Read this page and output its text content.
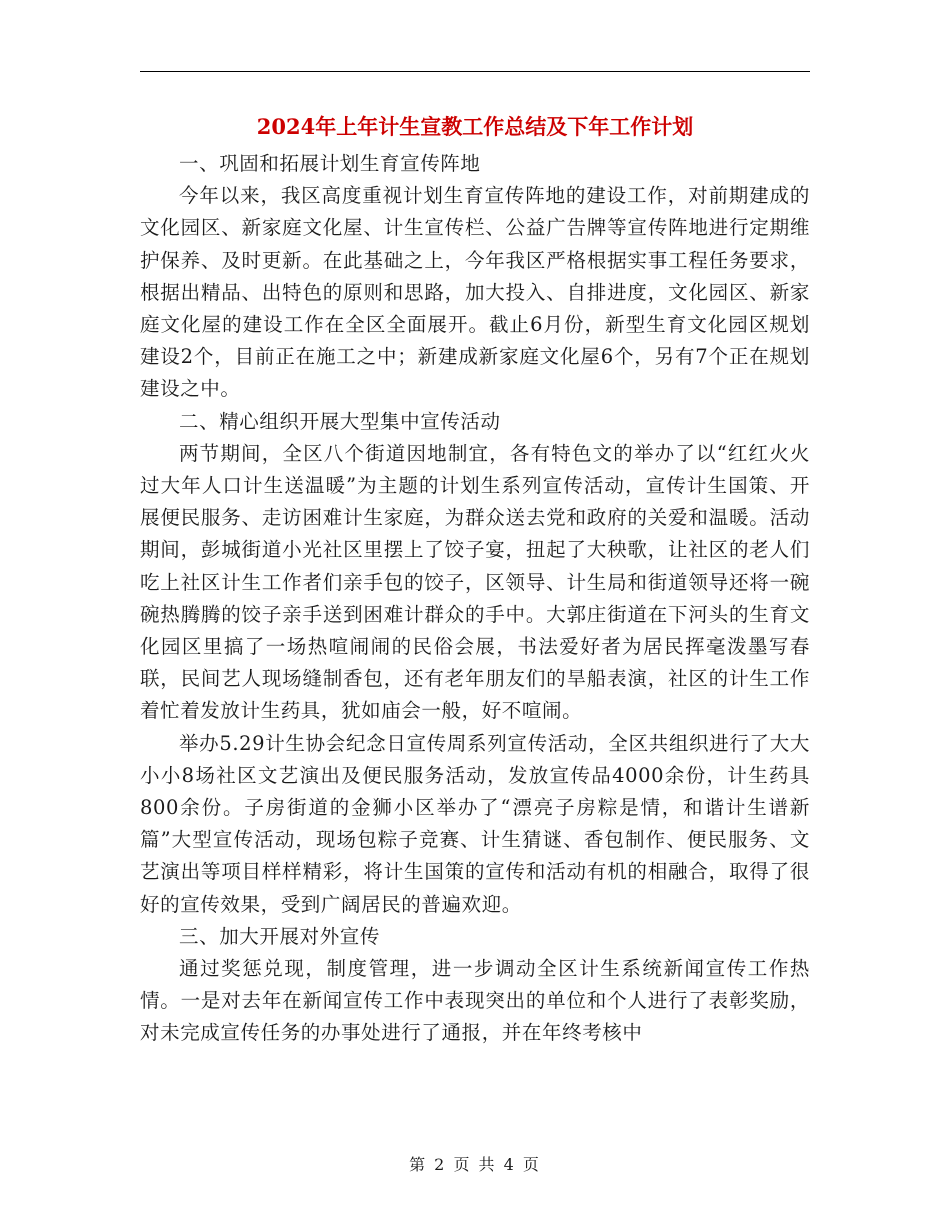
2024年上年计生宣教工作总结及下年工作计划

一、巩固和拓展计划生育宣传阵地

今年以来，我区高度重视计划生育宣传阵地的建设工作，对前期建成的文化园区、新家庭文化屋、计生宣传栏、公益广告牌等宣传阵地进行定期维护保养、及时更新。在此基础之上，今年我区严格根据实事工程任务要求，根据出精品、出特色的原则和思路，加大投入、自排进度，文化园区、新家庭文化屋的建设工作在全区全面展开。截止6月份，新型生育文化园区规划建设2个，目前正在施工之中；新建成新家庭文化屋6个，另有7个正在规划建设之中。

二、精心组织开展大型集中宣传活动

两节期间，全区八个街道因地制宜，各有特色文的举办了以“红红火火过大年人口计生送温暖”为主题的计划生系列宣传活动，宣传计生国策、开展便民服务、走访困难计生家庭，为群众送去党和政府的关爱和温暖。活动期间，彭城街道小光社区里摆上了饺子宴，扭起了大秧歌，让社区的老人们吃上社区计生工作者们亲手包的饺子，区领导、计生局和街道领导还将一碗碗热腾腾的饺子亲手送到困难计群众的手中。大郭庄街道在下河头的生育文化园区里搞了一场热喧闹闹的民俗会展，书法爱好者为居民挥毫泼墨写春联，民间艺人现场缝制香包，还有老年朋友们的旱船表演，社区的计生工作着忙着发放计生药具，犹如庙会一般，好不喧闹。

举办5.29计生协会纪念日宣传周系列宣传活动，全区共组织进行了大大小小8场社区文艺演出及便民服务活动，发放宣传品4000余份，计生药具800余份。子房街道的金狮小区举办了“漂亮子房粽是情，和谐计生谱新篇”大型宣传活动，现场包粽子竞赛、计生猜谜、香包制作、便民服务、文艺演出等项目样样精彩，将计生国策的宣传和活动有机的相融合，取得了很好的宣传效果，受到广阔居民的普遍欢迎。

三、加大开展对外宣传

通过奖惩兑现，制度管理，进一步调动全区计生系统新闻宣传工作热情。一是对去年在新闻宣传工作中表现突出的单位和个人进行了表彰奖励，对未完成宣传任务的办事处进行了通报，并在年终考核中

第 2 页 共 4 页
